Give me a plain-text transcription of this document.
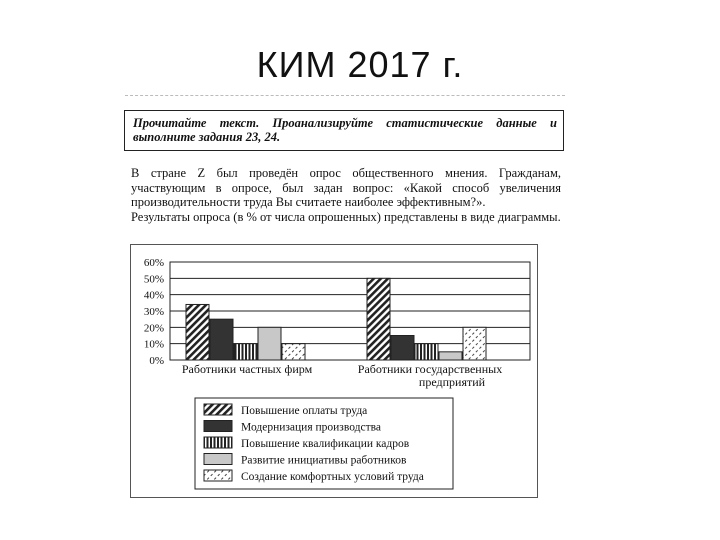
КИМ 2017 г.
Прочитайте текст. Проанализируйте статистические данные и выполните задания 23, 24.

В стране Z был проведён опрос общественного мнения. Гражданам, участвующим в опросе, был задан вопрос: «Какой способ увеличения производительности труда Вы считаете наиболее эффективным?».

Результаты опроса (в % от числа опрошенных) представлены в виде диаграммы.

0%
10%
20%
30%
40%
50%
60%
Работники частных фирм	Работники государственных предприятий
Повышение оплаты труда
Модернизация производства
Повышение квалификации кадров
Развитие инициативы работников
Создание комфортных условий труда
